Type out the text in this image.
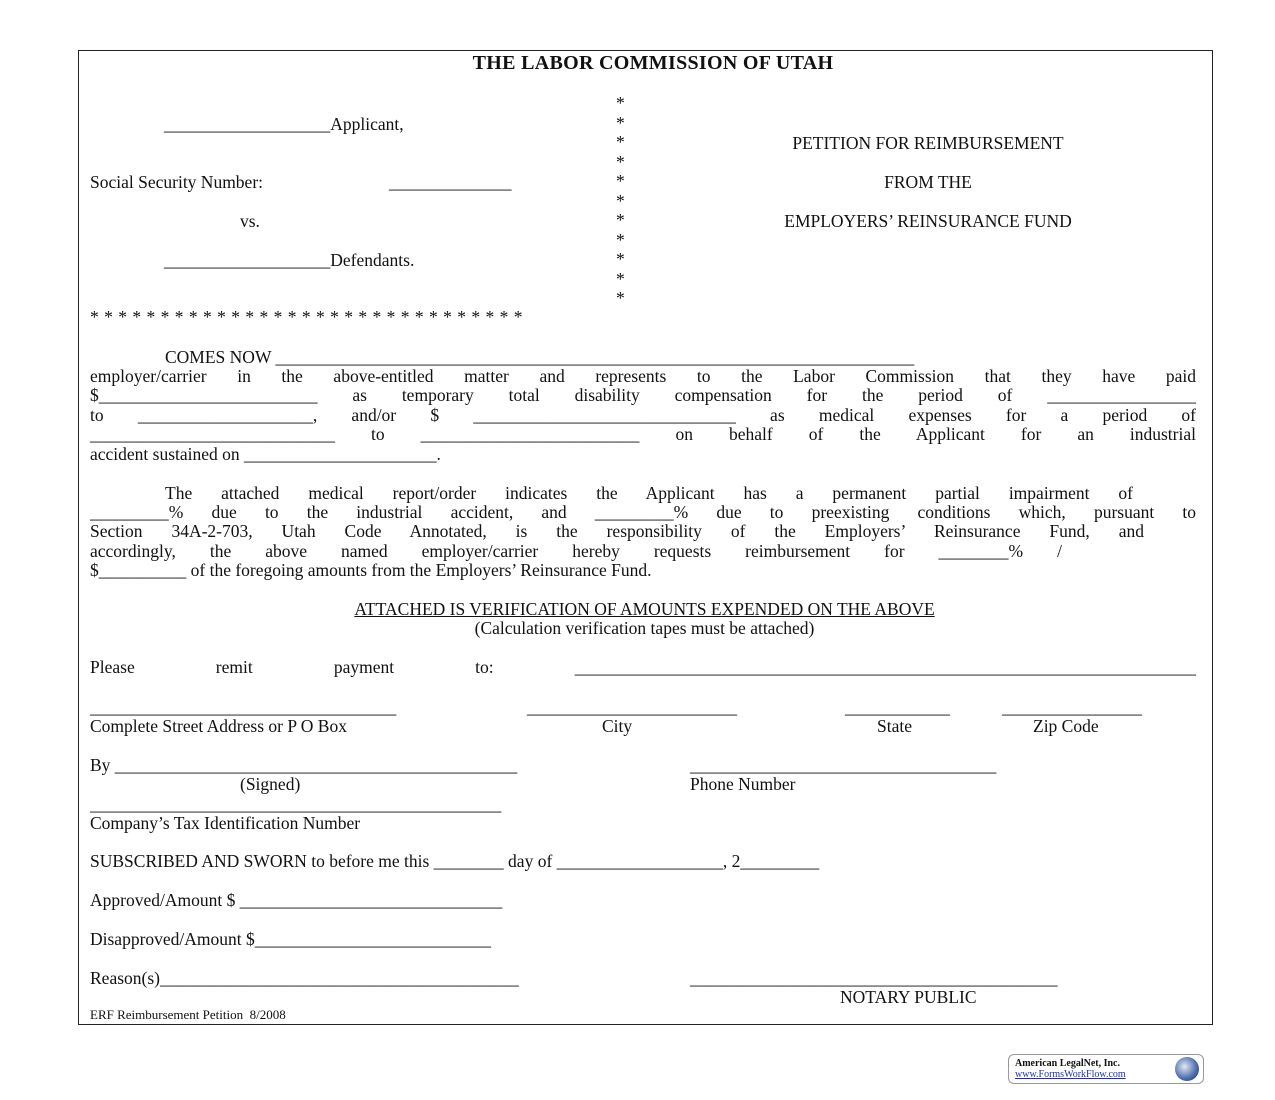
THE LABOR COMMISSION OF UTAH
___________________Applicant,
Social Security Number:	______________
vs.
___________________Defendants.
*
*
*
*
*
*
*
*
*
*
*
* * * * * * * * * * * * * * * * * * * * * * * * * * * * * * *
PETITION FOR REIMBURSEMENT
FROM THE
EMPLOYERS’ REINSURANCE FUND
COMES NOW _________________________________________________________________________
employer/carrier in the above-entitled matter and represents to the Labor Commission that they have paid
$_________________________ as temporary total disability compensation for the period of _________________
to ____________________, and/or $ ______________________________ as medical expenses for a period of
____________________________ to _________________________ on behalf of the Applicant for an industrial
accident sustained on ______________________.
The attached medical report/order indicates the Applicant has a permanent partial impairment of
_________% due to the industrial accident, and _________% due to preexisting conditions which, pursuant to
Section 34A-2-703, Utah Code Annotated, is the responsibility of the Employers’ Reinsurance Fund, and
accordingly, the above named employer/carrier hereby requests reimbursement for ________% /
$__________ of the foregoing amounts from the Employers’ Reinsurance Fund.
ATTACHED IS VERIFICATION OF AMOUNTS EXPENDED ON THE ABOVE
(Calculation verification tapes must be attached)
Please remit payment to: _______________________________________________________________________
___________________________________	________________________	____________	________________
Complete Street Address or P O Box	City	State	Zip Code
By ______________________________________________	___________________________________
(Signed)	Phone Number
_______________________________________________
Company’s Tax Identification Number
SUBSCRIBED AND SWORN to before me this ________ day of ___________________, 2_________
Approved/Amount $ ______________________________
Disapproved/Amount $___________________________
Reason(s)_________________________________________	__________________________________________
NOTARY PUBLIC
ERF Reimbursement Petition  8/2008
American LegalNet, Inc.
www.FormsWorkFlow.com
